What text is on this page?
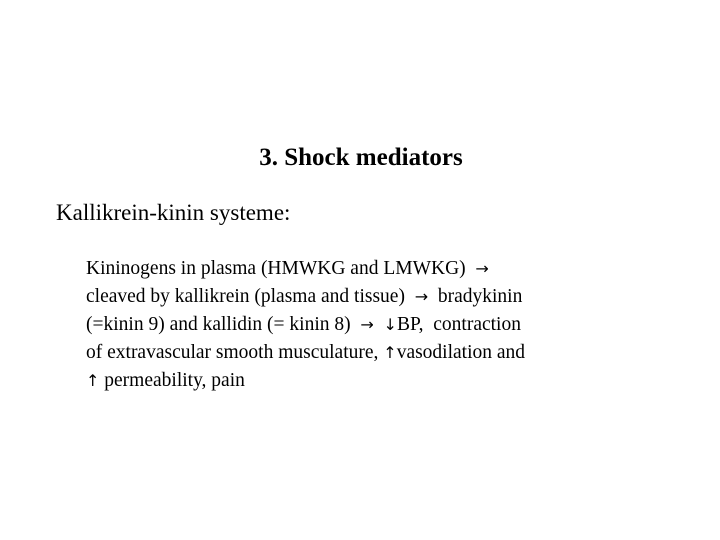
3. Shock mediators
Kallikrein-kinin systeme:
Kininogens in plasma (HMWKG and LMWKG)  →
cleaved by kallikrein (plasma and tissue)  →  bradykinin
(=kinin 9) and kallidin (= kinin 8)  → ↓BP,  contraction
of extravascular smooth musculature, ↑vasodilation and
↑ permeability, pain
